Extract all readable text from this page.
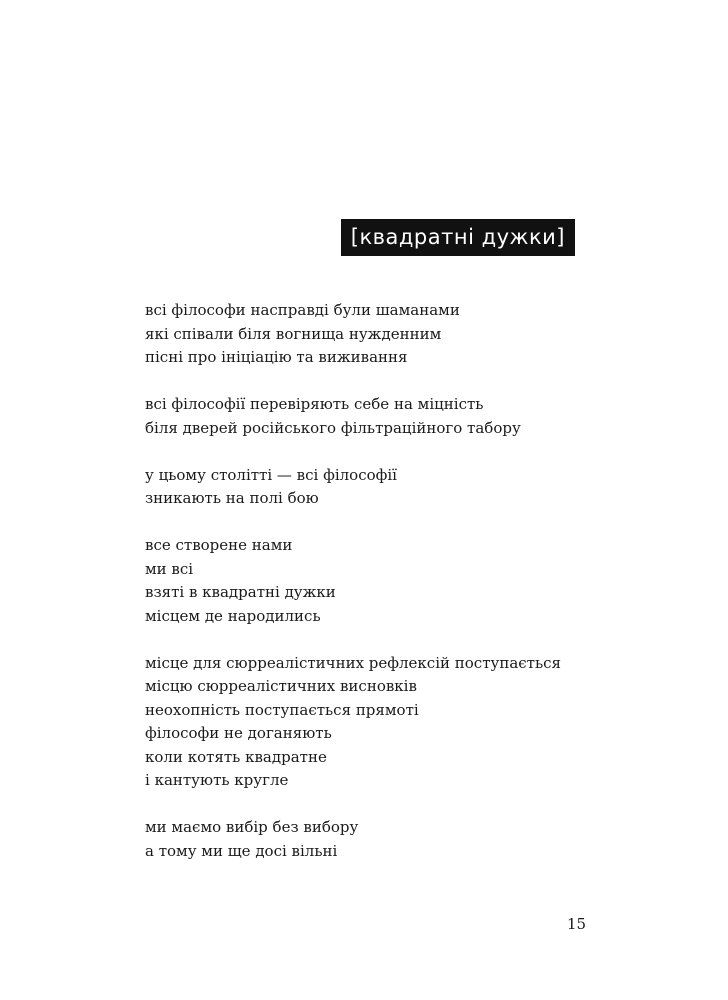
[квадратні дужки]
всі філософи насправді були шаманами
які співали біля вогнища нужденним
пісні про ініціацію та виживання
всі філософії перевіряють себе на міцність
біля дверей російського фільтраційного табору
у цьому столітті — всі філософії
зникають на полі бою
все створене нами
ми всі
взяті в квадратні дужки
місцем де народились
місце для сюрреалістичних рефлексій поступається
місцю сюрреалістичних висновків
неохопність поступається прямоті
філософи не доганяють
коли котять квадратне
і кантують кругле
ми маємо вибір без вибору
а тому ми ще досі вільні
15
